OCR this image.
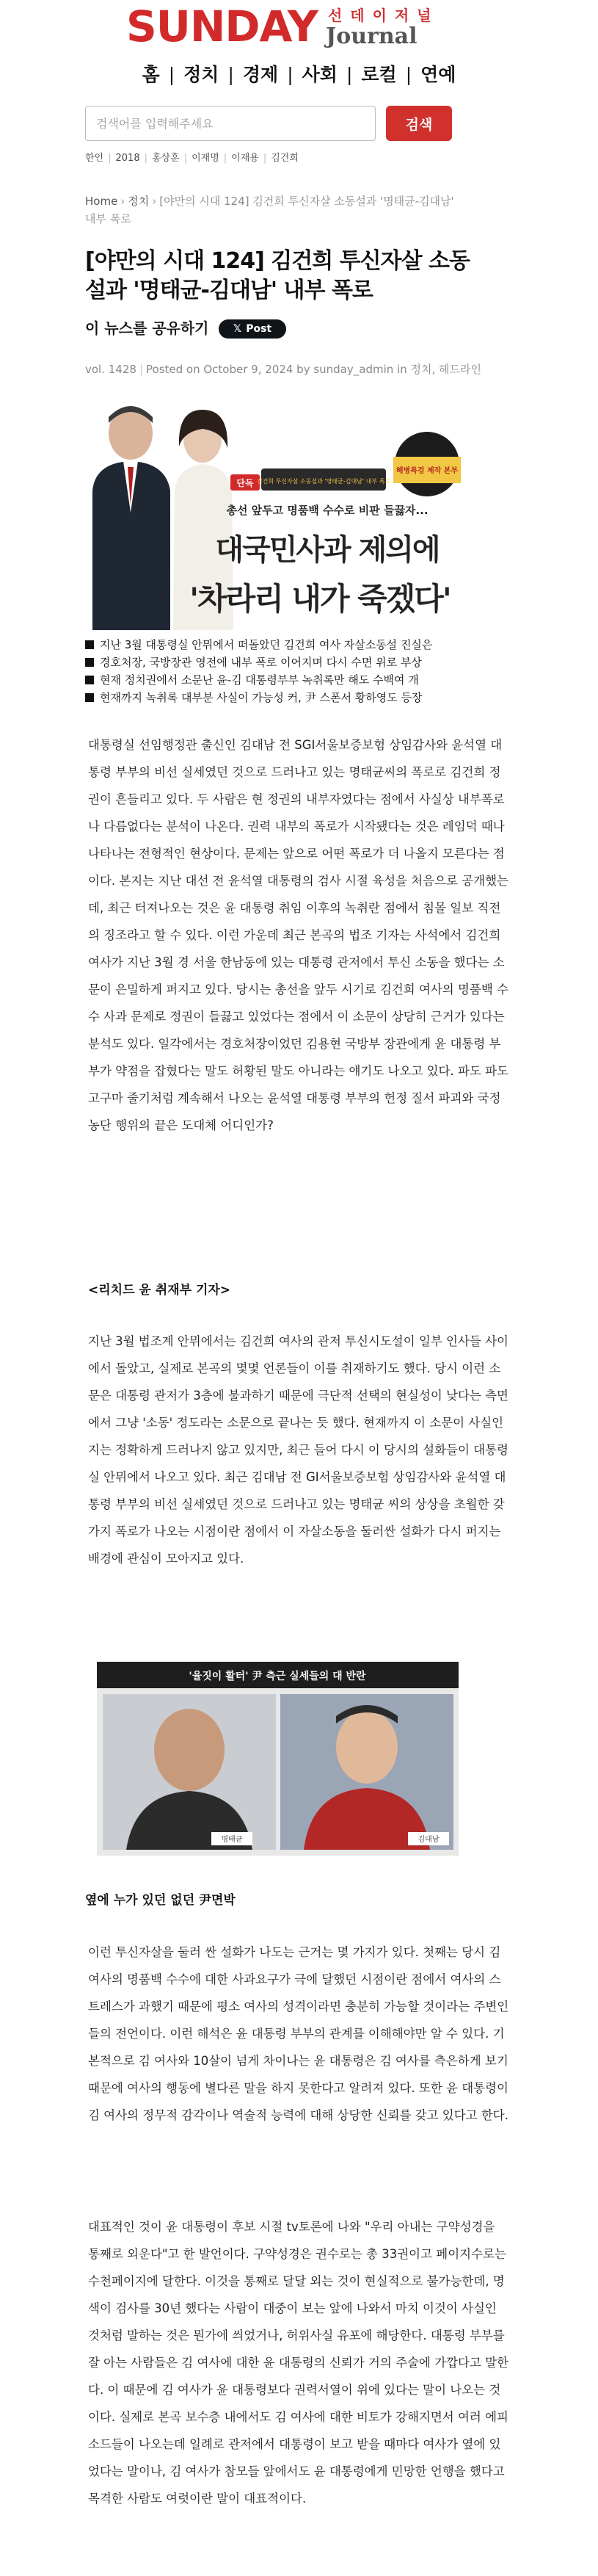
SUNDAY 선 데 이 저 널
Journal
홈 | 정치 | 경제 | 사회 | 로컬 | 연예
검색어를 입력해주세요
검색
한인 | 2018 | 홍상훈 | 이재명 | 이재용 | 김건희
Home › 정치 › [야만의 시대 124] 김건희 투신자살 소동설과 '명태균-김대남' 내부 폭로
[야만의 시대 124] 김건희 투신자살 소동설과 '명태균-김대남' 내부 폭로
이 뉴스를 공유하기	𝕏 Post
vol. 1428 | Posted on October 9, 2024 by sunday_admin in 정치, 헤드라인
단독 김건희 투신자살 소동설과 '명태균-김대남' 내부 폭로
해병특검 제작 본부
총선 앞두고 명품백 수수로 비판 들끓자...
대국민사과 제의에
'차라리 내가 죽겠다'
지난 3월 대통령실 안뮈에서 떠돌았던 김건희 여사 자살소동설 진실은
경호처장, 국방장관 영전에 내부 폭로 이어지며 다시 수면 위로 부상
현재 정치권에서 소문난 윤-김 대통령부부 녹취록만 해도 수백여 개
현재까지 녹취록 대부분 사실이 가능성 커, 尹 스폰서 황하영도 등장

대통령실 선임행정관 출신인 김대남 전 SGI서울보증보험 상임감사와 윤석열 대통령 부부의 비선 실세였던 것으로 드러나고 있는 명태균씨의 폭로로 김건희 정권이 흔들리고 있다. 두 사람은 현 정권의 내부자였다는 점에서 사실상 내부폭로나 다름없다는 분석이 나온다. 권력 내부의 폭로가 시작됐다는 것은 레임덕 때나 나타나는 전형적인 현상이다. 문제는 앞으로 어떤 폭로가 더 나올지 모른다는 점이다. 본지는 지난 대선 전 윤석열 대통령의 검사 시절 육성을 처음으로 공개했는데, 최근 터져나오는 것은 윤 대통령 취임 이후의 녹취란 점에서 침몰 일보 직전의 징조라고 할 수 있다. 이런 가운데 최근 본곡의 법조 기자는 사석에서 김건희 여사가 지난 3월 경 서울 한남동에 있는 대통령 관저에서 투신 소동을 했다는 소문이 은밀하게 퍼지고 있다. 당시는 총선을 앞두 시기로 김건희 여사의 명품백 수수 사과 문제로 정권이 들끓고 있었다는 점에서 이 소문이 상당히 근거가 있다는 분석도 있다. 일각에서는 경호처장이었던 김용현 국방부 장관에게 윤 대통령 부부가 약점을 잡혔다는 말도 허황된 말도 아니라는 얘기도 나오고 있다. 파도 파도 고구마 줄기처럼 계속해서 나오는 윤석열 대통령 부부의 헌정 질서 파괴와 국정농단 행위의 끝은 도대체 어디인가?

<리치드 윤 취재부 기자>

지난 3월 법조계 안뮈에서는 김건희 여사의 관저 투신시도설이 일부 인사들 사이에서 돌았고, 실제로 본곡의 몇몇 언론들이 이를 취재하기도 했다. 당시 이런 소문은 대통령 관저가 3층에 불과하기 때문에 극단적 선택의 현실성이 낮다는 측면에서 그냥 '소동' 정도라는 소문으로 끝나는 듯 했다. 현재까지 이 소문이 사실인지는 정확하게 드러나지 않고 있지만, 최근 들어 다시 이 당시의 설화들이 대통령실 안뮈에서 나오고 있다. 최근 김대남 전 GI서울보증보험 상임감사와 윤석열 대통령 부부의 비선 실세였던 것으로 드러나고 있는 명태균 씨의 상상을 초월한 갖가지 폭로가 나오는 시점이란 점에서 이 자살소동을 둘러싼 설화가 다시 퍼지는 배경에 관심이 모아지고 있다.

'율짓이 활터' 尹 측근 실세들의 대 반란
명태균	김대남
옆에 누가 있던 없던 尹면박

이런 투신자살을 둘러 싼 설화가 나도는 근거는 몇 가지가 있다. 첫째는 당시 김 여사의 명품백 수수에 대한 사과요구가 극에 달했던 시점이란 점에서 여사의 스트레스가 과했기 때문에 평소 여사의 성격이라면 충분히 가능할 것이라는 주변인들의 전언이다. 이런 해석은 윤 대통령 부부의 관계를 이해해야만 알 수 있다. 기본적으로 김 여사와 10살이 넘게 차이나는 윤 대통령은 김 여사를 측은하게 보기 때문에 여사의 행동에 별다른 말을 하지 못한다고 알려져 있다. 또한 윤 대통령이 김 여사의 정무적 감각이나 역술적 능력에 대해 상당한 신뢰를 갖고 있다고 한다.

대표적인 것이 윤 대통령이 후보 시절 tv토론에 나와 "우리 아내는 구약성경을 통째로 외운다"고 한 발언이다. 구약성경은 권수로는 총 33권이고 페이지수로는 수천페이지에 달한다. 이것을 통째로 달달 외는 것이 현실적으로 불가능한데, 명색이 검사를 30년 했다는 사람이 대중이 보는 앞에 나와서 마치 이것이 사실인 것처럼 말하는 것은 뭔가에 씌었거나, 허위사실 유포에 해당한다. 대통령 부부를 잘 아는 사람들은 김 여사에 대한 윤 대통령의 신뢰가 거의 주술에 가깝다고 말한다. 이 때문에 김 여사가 윤 대통령보다 권력서열이 위에 있다는 말이 나오는 것이다. 실제로 본곡 보수층 내에서도 김 여사에 대한 비토가 강해지면서 여러 에피소드들이 나오는데 일례로 관저에서 대통령이 보고 받을 때마다 여사가 옆에 있었다는 말이나, 김 여사가 참모들 앞에서도 윤 대통령에게 민망한 언행을 했다고 목격한 사람도 여럿이란 말이 대표적이다.
